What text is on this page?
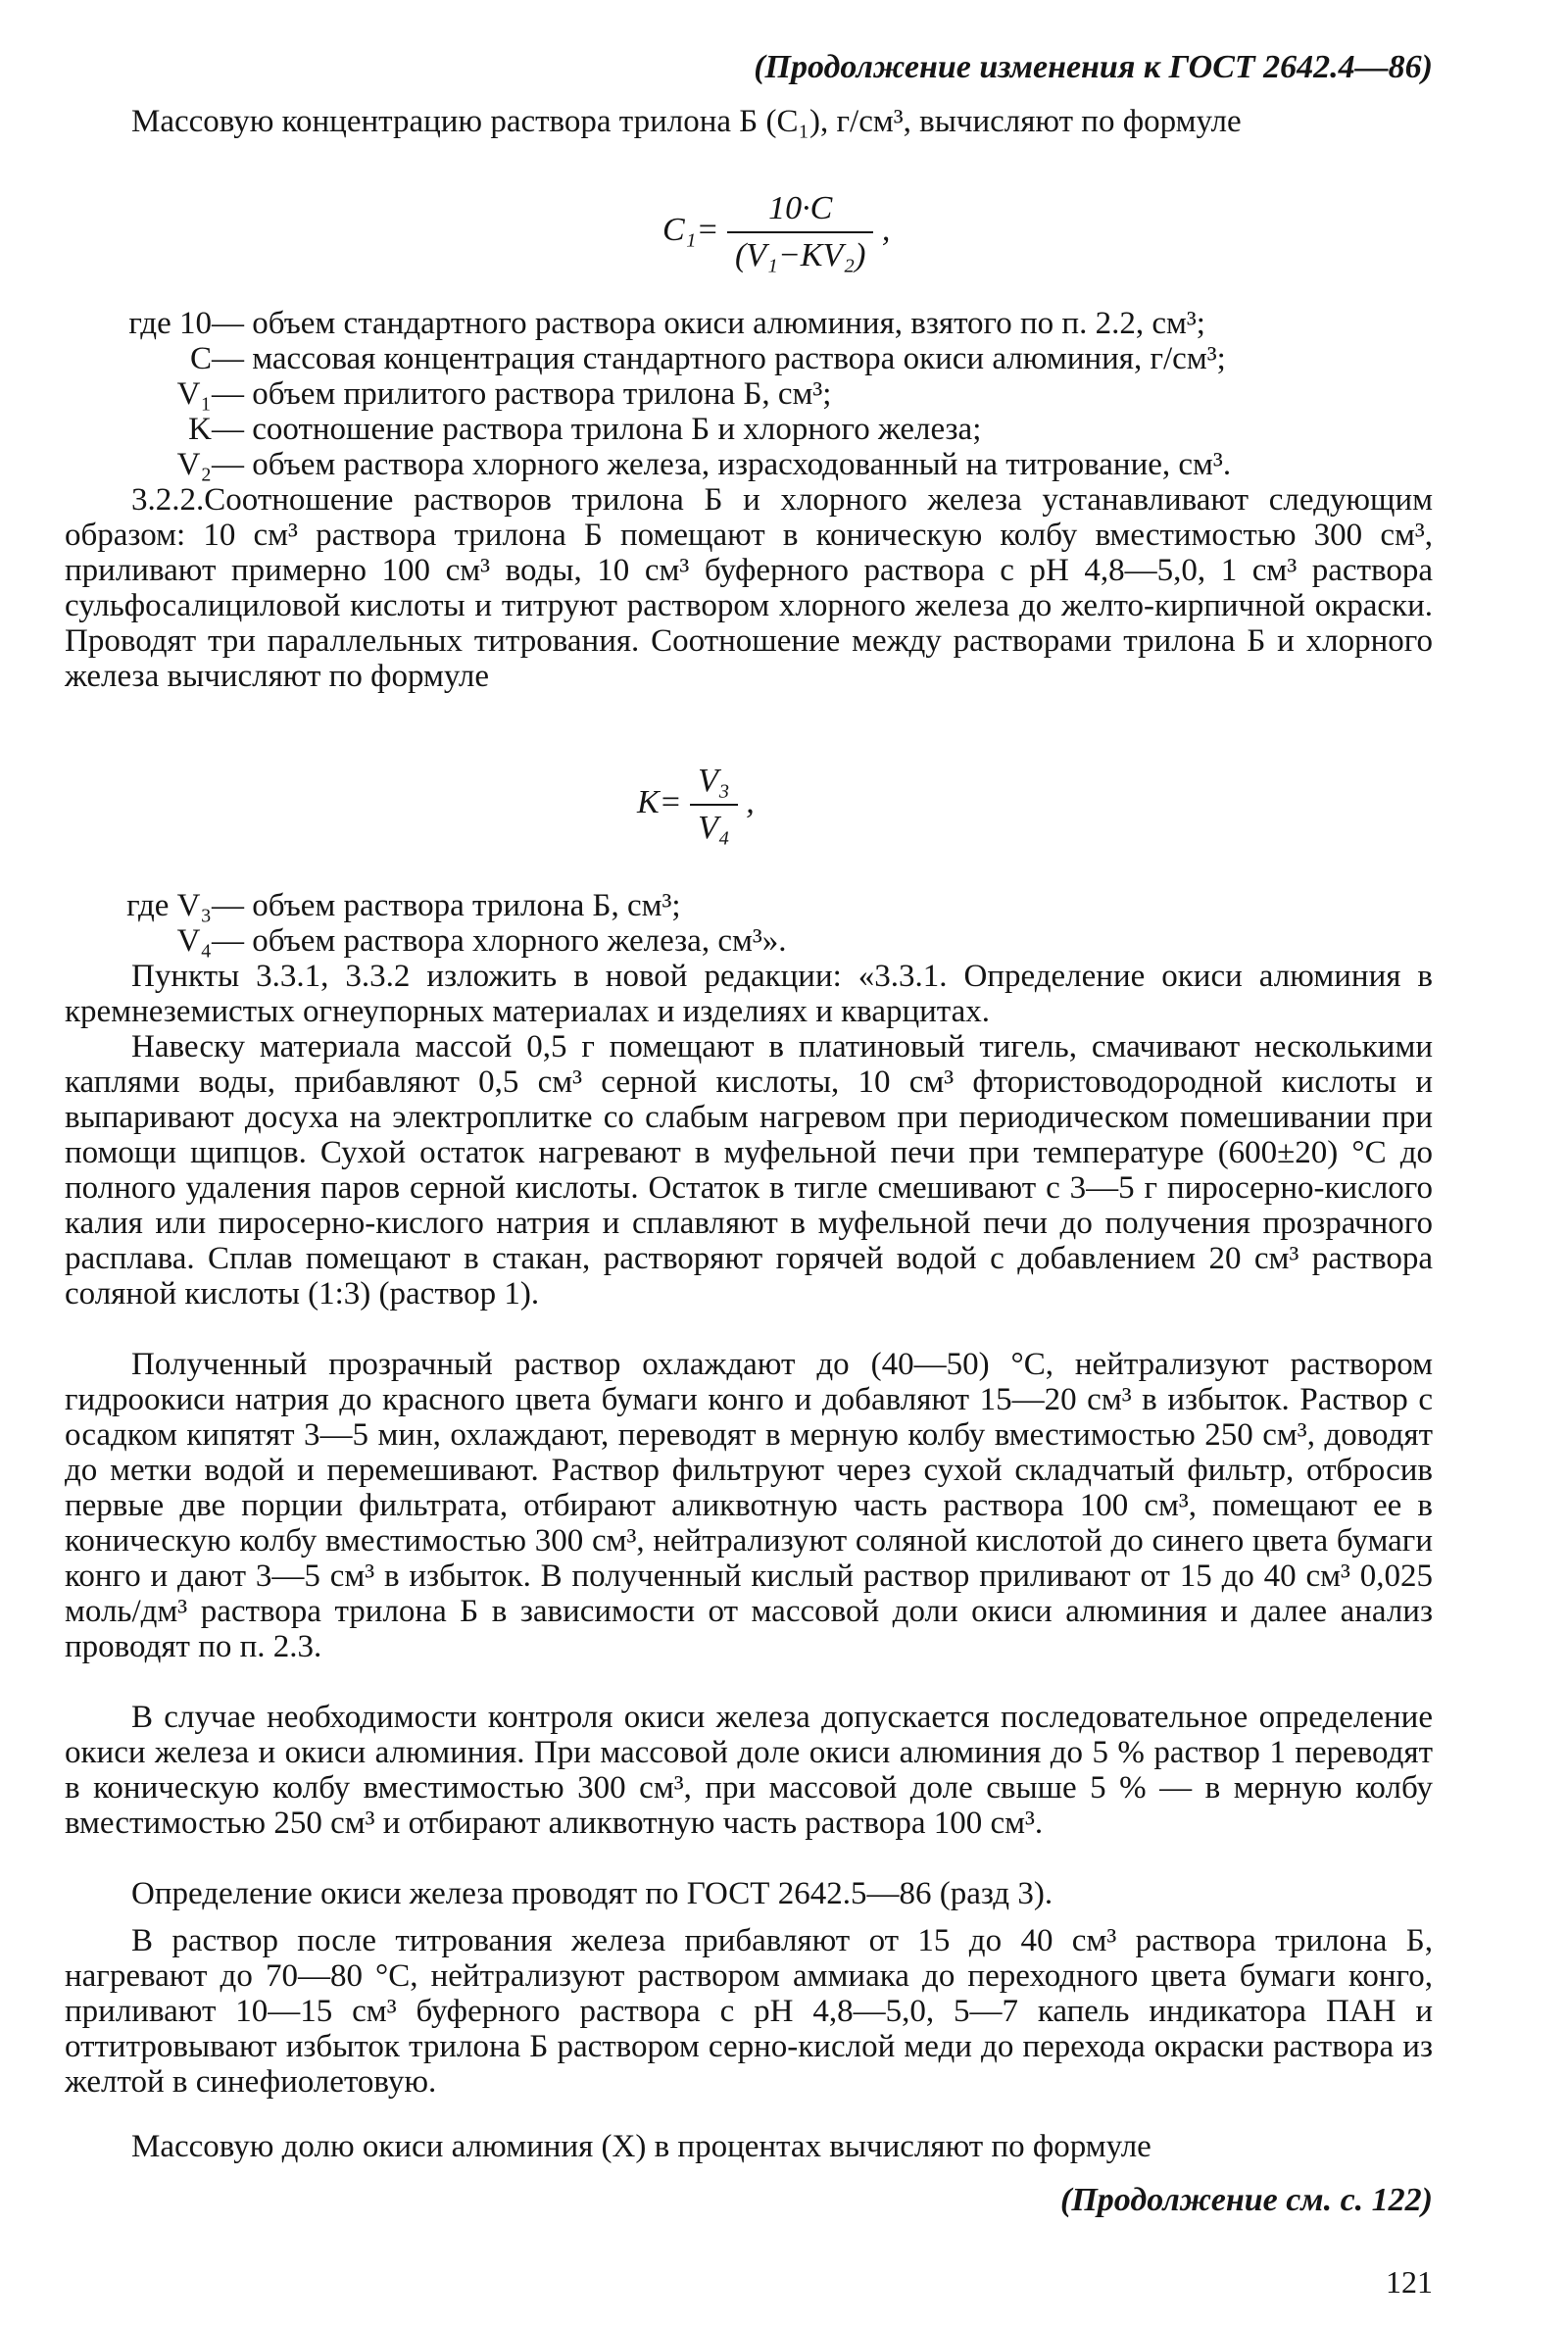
(Продолжение изменения к ГОСТ 2642.4—86)
Массовую концентрацию раствора трилона Б (C₁), г/см³, вычисляют по формуле
$C_1= \frac{10\cdot C}{\text{(V₁−KV₂)}}$ ,
где 10— объем стандартного раствора окиси алюминия, взятого по п. 2.2, см³;
C— массовая концентрация стандартного раствора окиси алюминия, г/см³;
V₁— объем прилитого раствора трилона Б, см³;
K— соотношение раствора трилона Б и хлорного железа;
V₂— объем раствора хлорного железа, израсходованный на титрование, см³.
3.2.2.Соотношение растворов трилона Б и хлорного железа устанавливают следующим образом: 10 см³ раствора трилона Б помещают в коническую колбу вместимостью 300 см³, приливают примерно 100 см³ воды, 10 см³ буферного раствора с pH 4,8—5,0, 1 см³ раствора сульфосалициловой кислоты и титруют раствором хлорного железа до желто-кирпичной окраски. Проводят три параллельных титрования. Соотношение между растворами трилона Б и хлорного железа вычисляют по формуле
$K= \frac{\text{V₃}}{\text{V₄}}$ ,
где V₃— объем раствора трилона Б, см³;
V₄— объем раствора хлорного железа, см³».
Пункты 3.3.1, 3.3.2 изложить в новой редакции: «3.3.1. Определение окиси алюминия в кремнеземистых огнеупорных материалах и изделиях и кварцитах.
Навеску материала массой 0,5 г помещают в платиновый тигель, смачивают несколькими каплями воды, прибавляют 0,5 см³ серной кислоты, 10 см³ фтористоводородной кислоты и выпаривают досуха на электроплитке со слабым нагревом при периодическом помешивании при помощи щипцов. Сухой остаток нагревают в муфельной печи при температуре (600±20) °С до полного удаления паров серной кислоты. Остаток в тигле смешивают с 3—5 г пиросерно-кислого калия или пиросерно-кислого натрия и сплавляют в муфельной печи до получения прозрачного расплава. Сплав помещают в стакан, растворяют горячей водой с добавлением 20 см³ раствора соляной кислоты (1:3) (раствор 1).
Полученный прозрачный раствор охлаждают до (40—50) °С, нейтрализуют раствором гидроокиси натрия до красного цвета бумаги конго и добавляют 15—20 см³ в избыток. Раствор с осадком кипятят 3—5 мин, охлаждают, переводят в мерную колбу вместимостью 250 см³, доводят до метки водой и перемешивают. Раствор фильтруют через сухой складчатый фильтр, отбросив первые две порции фильтрата, отбирают аликвотную часть раствора 100 см³, помещают ее в коническую колбу вместимостью 300 см³, нейтрализуют соляной кислотой до синего цвета бумаги конго и дают 3—5 см³ в избыток. В полученный кислый раствор приливают от 15 до 40 см³ 0,025 моль/дм³ раствора трилона Б в зависимости от массовой доли окиси алюминия и далее анализ проводят по п. 2.3.
В случае необходимости контроля окиси железа допускается последовательное определение окиси железа и окиси алюминия. При массовой доле окиси алюминия до 5 % раствор 1 переводят в коническую колбу вместимостью 300 см³, при массовой доле свыше 5 % — в мерную колбу вместимостью 250 см³ и отбирают аликвотную часть раствора 100 см³.
Определение окиси железа проводят по ГОСТ 2642.5—86 (разд 3).
В раствор после титрования железа прибавляют от 15 до 40 см³ раствора трилона Б, нагревают до 70—80 °С, нейтрализуют раствором аммиака до переходного цвета бумаги конго, приливают 10—15 см³ буферного раствора с pH 4,8—5,0, 5—7 капель индикатора ПАН и оттитровывают избыток трилона Б раствором серно-кислой меди до перехода окраски раствора из желтой в синефиолетовую.
Массовую долю окиси алюминия (X) в процентах вычисляют по формуле
(Продолжение см. с. 122)
121
